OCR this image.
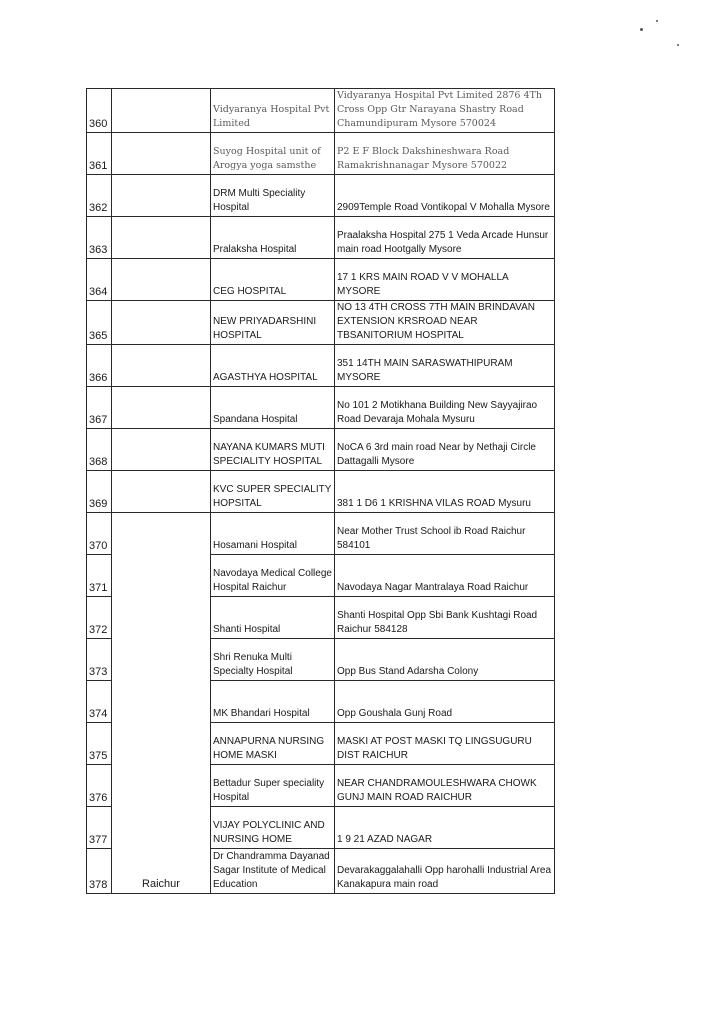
360		Vidyaranya Hospital Pvt Limited	Vidyaranya Hospital Pvt Limited 2876 4Th Cross Opp Gtr Narayana Shastry Road Chamundipuram Mysore 570024
361		Suyog Hospital unit of Arogya yoga samsthe	P2 E F Block Dakshineshwara Road Ramakrishnanagar Mysore 570022
362		DRM Multi Speciality Hospital	2909Temple Road Vontikopal V Mohalla Mysore
363		Pralaksha Hospital	Praalaksha Hospital 275 1 Veda Arcade Hunsur main road Hootgally Mysore
364		CEG HOSPITAL	17 1 KRS MAIN ROAD V V MOHALLA MYSORE
365		NEW PRIYADARSHINI HOSPITAL	NO 13 4TH CROSS 7TH MAIN BRINDAVAN EXTENSION KRSROAD NEAR TBSANITORIUM HOSPITAL
366		AGASTHYA HOSPITAL	351 14TH MAIN SARASWATHIPURAM MYSORE
367		Spandana Hospital	No 101 2 Motikhana Building New Sayyajirao Road Devaraja Mohala Mysuru
368		NAYANA KUMARS MUTI SPECIALITY HOSPITAL	NoCA 6 3rd main road Near by Nethaji Circle Dattagalli Mysore
369		KVC SUPER SPECIALITY HOPSITAL	381 1 D6 1 KRISHNA VILAS ROAD Mysuru
370	Raichur	Hosamani Hospital	Near Mother Trust School ib Road Raichur 584101
371		Navodaya Medical College Hospital Raichur	Navodaya Nagar Mantralaya Road Raichur
372		Shanti Hospital	Shanti Hospital Opp Sbi Bank Kushtagi Road Raichur 584128
373		Shri Renuka Multi Specialty Hospital	Opp Bus Stand Adarsha Colony
374		MK Bhandari Hospital	Opp Goushala Gunj Road
375		ANNAPURNA NURSING HOME MASKI	MASKI AT POST MASKI TQ LINGSUGURU DIST RAICHUR
376		Bettadur Super speciality Hospital	NEAR CHANDRAMOULESHWARA CHOWK GUNJ MAIN ROAD RAICHUR
377		VIJAY POLYCLINIC AND NURSING HOME	1 9 21 AZAD NAGAR
378		Dr Chandramma Dayanad Sagar Institute of Medical Education	Devarakaggalahalli Opp harohalli Industrial Area Kanakapura main road
